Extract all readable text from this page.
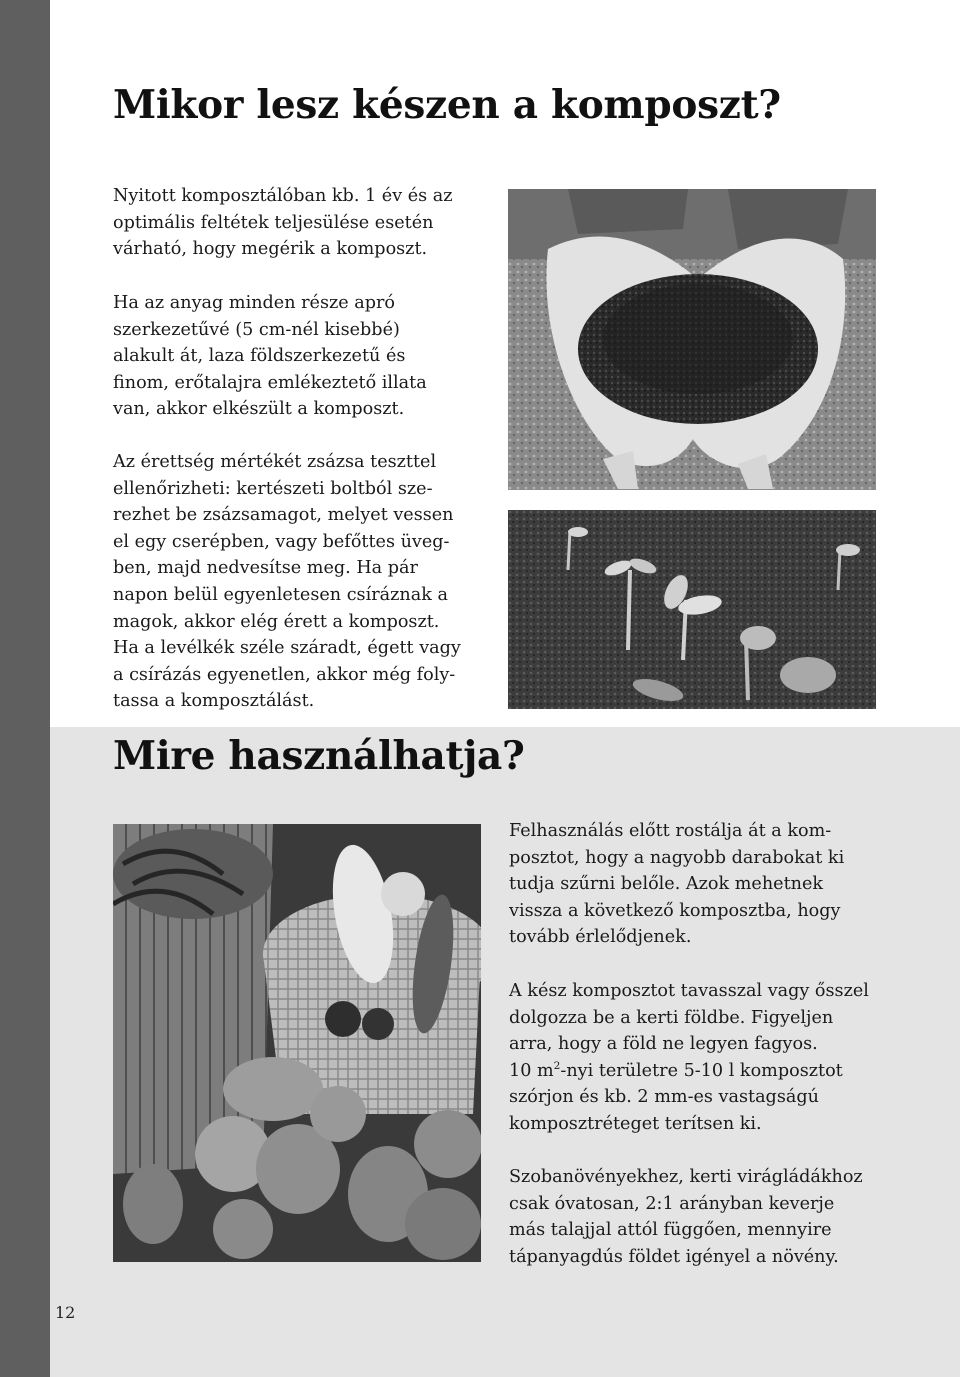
Mikor lesz készen a komposzt?
Nyitott komposztálóban kb. 1 év és az
optimális feltétek teljesülése esetén
várható, hogy megérik a komposzt.
Ha az anyag minden része apró
szerkezetűvé (5 cm-nél kisebbé)
alakult át, laza földszerkezetű és
finom, erőtalajra emlékeztető illata
van, akkor elkészült a komposzt.
Az érettség mértékét zsázsa teszttel
ellenőrizheti: kertészeti boltból sze-
rezhet be zsázsamagot, melyet vessen
el egy cserépben, vagy befőttes üveg-
ben, majd nedvesítse meg. Ha pár
napon belül egyenletesen csíráznak a
magok, akkor elég érett a komposzt.
Ha a levélkék széle száradt, égett vagy
a csírázás egyenetlen, akkor még foly-
tassa a komposztálást.
Mire használhatja?
Felhasználás előtt rostálja át a kom-
posztot, hogy a nagyobb darabokat ki
tudja szűrni belőle. Azok mehetnek
vissza a következő komposztba, hogy
tovább érlelődjenek.
A kész komposztot tavasszal vagy ősszel
dolgozza be a kerti földbe. Figyeljen
arra, hogy a föld ne legyen fagyos.
10 $m^2$-nyi területre 5-10 l komposztot
szórjon és kb. 2 mm-es vastagságú
komposztréteget terítsen ki.
Szobanövényekhez, kerti virágládákhoz
csak óvatosan, 2:1 arányban keverje
más talajjal attól függően, mennyire
tápanyagdús földet igényel a növény.
12
